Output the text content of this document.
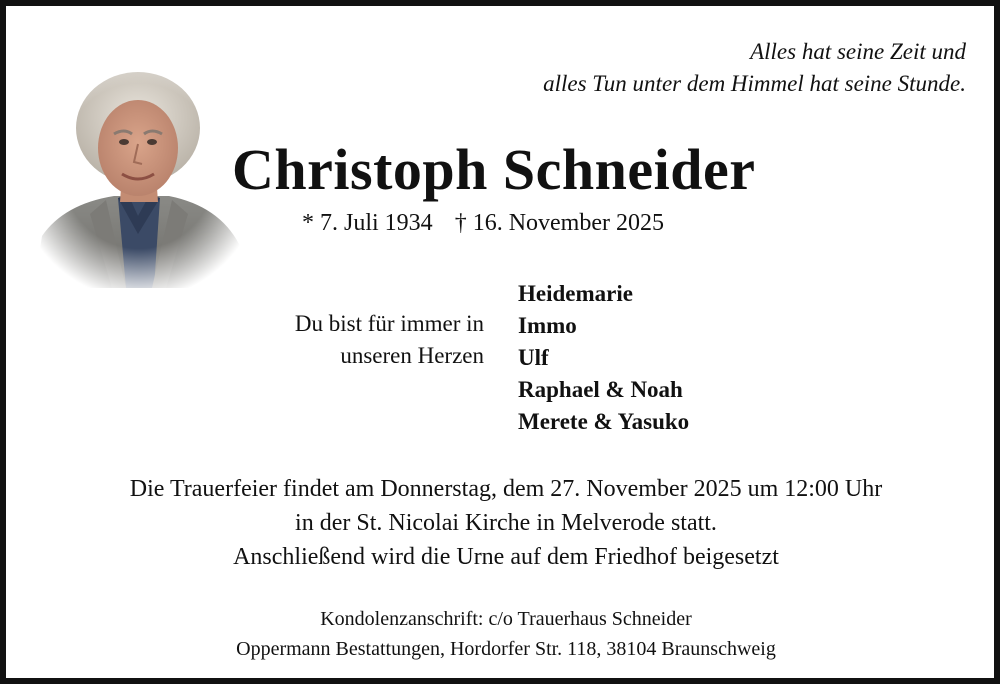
Alles hat seine Zeit und
alles Tun unter dem Himmel hat seine Stunde.
Christoph Schneider
* 7. Juli 1934 † 16. November 2025
Du bist für immer in
unseren Herzen
Heidemarie
Immo
Ulf
Raphael & Noah
Merete & Yasuko
Die Trauerfeier findet am Donnerstag, dem 27. November 2025 um 12:00 Uhr
in der St. Nicolai Kirche in Melverode statt.
Anschließend wird die Urne auf dem Friedhof beigesetzt
Kondolenzanschrift: c/o Trauerhaus Schneider
Oppermann Bestattungen, Hordorfer Str. 118, 38104 Braunschweig
